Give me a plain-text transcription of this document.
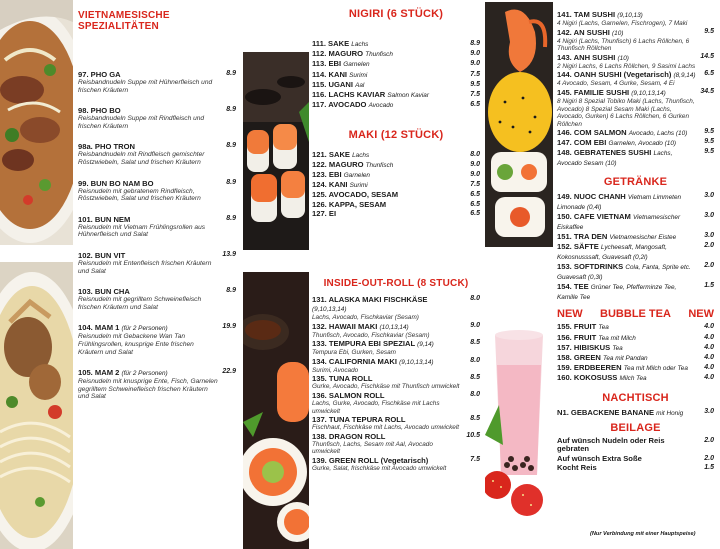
VIETNAMESISCHE SPEZIALITÄTEN
97. PHO GA
Reisbandnudeln Suppe mit Hühnerfleisch und frischen Kräutern
8.9
98. PHO BO
Reisbandnudeln Suppe mit Rindfleisch und frischen Kräutern
8.9
98a. PHO TRON
Reisbandnudeln mit Rindfleisch gemischter Röstzwiebeln, Salat und frischen Kräutern
8.9
99. BUN BO NAM BO
Reisnudeln mit gebratenem Rindfleisch, Röstzwiebeln, Salat und frischen Kräutern
8.9
101. BUN NEM
Reisnudeln mit Vietnam Frühlingsrollen aus Hühnerfleisch und Salat
8.9
102. BUN VIT
Reisnudeln mit Entenfleisch frischen Kräutern und Salat
13.9
103. BUN CHA
Reisnudeln mit gegrilltem Schweinefleisch frischen Kräutern und Salat
8.9
104. MAM 1 (für 2 Personen)
Reisnudeln mit Gebackene Wan Tan Frühlingsrollen, knusprige Ente frischen Kräutern und Salat
19.9
105. MAM 2 (für 2 Personen)
Reisnudeln mit knusprige Ente, Fisch, Garnelen gegrilltem Schweinefleisch frischen Kräutern und Salat
22.9
NIGIRI (6 STÜCK)
111. SAKE Lachs	8.9
112. MAGURO Thunfisch	9.0
113. EBI Garnelen	9.0
114. KANI Surimi	7.5
115. UGANI Aal	9.5
116. LACHS KAVIAR Salmon Kaviar	7.5
117. AVOCADO Avocado	6.5
MAKI (12 STÜCK)
121. SAKE Lachs	8.0
122. MAGURO Thunfisch	9.0
123. EBI Garnelen	9.0
124. KANI Surimi	7.5
125. AVOCADO, SESAM	6.5
126. KAPPA, SESAM	6.5
127. EI	6.5
INSIDE-OUT-ROLL (8 STUCK)
131. ALASKA MAKI FISCHKÄSE (9,10,13,14)
Lachs, Avocado, Fischkaviar (Sesam)
8.0
132. HAWAII MAKI (10,13,14)
Thunfisch, Avocado, Fischkaviar (Sesam)
9.0
133. TEMPURA EBI SPEZIAL (9,14)
Tempura Ebi, Gurken, Sesam
8.5
134. CALIFORNIA MAKI (9,10,13,14)
Surimi, Avocado
8.0
135. TUNA ROLL
Gurke, Avocado, Fischkäse mit Thunfisch umwickelt
8.5
136. SALMON ROLL
Lachs, Gurke, Avocado, Fischkäse mit Lachs umwickelt
8.0
137. TUNA TEPURA ROLL
Fischhaut, Fischkäse mit Lachs, Avocado umwickelt
8.5
138. DRAGON ROLL
Thunfisch, Lachs, Sesam mit Aal, Avocado umwickelt
10.5
139. GREEN ROLL (Vegetarisch)
Gurke, Salat, frischkäse mit Avocado umwickelt
7.5
141. TAM SUSHI (9,10,13)
4 Nigiri (Lachs, Garnelen, Fischrogen), 7 Maki
142. AN SUSHI (10)
4 Nigiri (Lachs, Thunfisch) 6 Lachs Röllchen, 6 Thunfisch Röllchen
9.5
143. ANH SUSHI (10)
2 Nigiri Lachs, 6 Lachs Röllchen, 9 Sasimi Lachs
14.5
144. OANH SUSHI (Vegetarisch) (8,9,14)
4 Avocado, Sesam, 4 Gurke, Sesam, 4 Ei
6.5
145. FAMILIE SUSHI (9,10,13,14)
8 Nigiri 8 Spezial Tobiko Maki (Lachs, Thunfisch, Avocado) 8 Spezial Sesam Maki (Lachs, Avocado, Gurken) 6 Lachs Röllchen, 6 Gurken Röllchen
34.5
146. COM SALMON Avocado, Lachs (10)	9.5
147. COM EBI Garnelen, Avocado (10)	9.5
148. GEBRATENES SUSHI Lachs, Avocado Sesam (10)
9.5
GETRÄNKE
149. NUOC CHANH Vietnam Limmeten Limonade (0,4l)
3.0
150. CAFE VIETNAM Vietnamesischer Eiskaffee
3.0
151. TRA DEN Vietnamesischer Eistee	3.0
152. SÄFTE Lycheesaft, Mangosaft, Kokosnusssaft, Guavesaft (0,2l)
2.0
153. SOFTDRINKS Cola, Fanta, Sprite etc. Guavesaft (0,3l)
2.0
154. TEE Grüner Tee, Pfefferminze Tee, Kamille Tee
1.5
NEW BUBBLE TEA NEW
155. FRUIT Tea	4.0
156. FRUIT Tea mit Milch	4.0
157. HIBISKUS Tea	4.0
158. GREEN Tea mit Pandan	4.0
159. ERDBEEREN Tea mit Milch oder Tea	4.0
160. KOKOSUSS Milch Tea	4.0
NACHTISCH
N1. GEBACKENE BANANE mit Honig	3.0
BEILAGE
Auf wünsch Nudeln oder Reis gebraten
2.0
Auf wünsch Extra Soße	2.0
Kocht Reis	1.5
(Nur Verbindung mit einer Hauptspeise)
